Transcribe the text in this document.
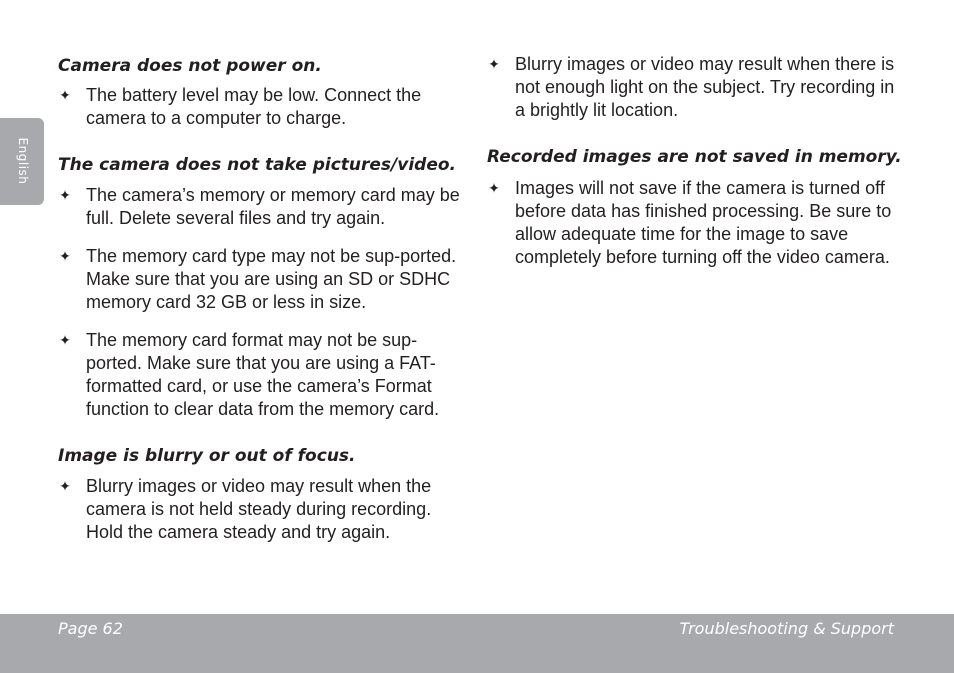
English
Camera does not power on.
✦ The battery level may be low. Connect the camera to a computer to charge.
The camera does not take pictures/video.
✦ The camera’s memory or memory card may be full. Delete several files and try again.
✦ The memory card type may not be sup-ported. Make sure that you are using an SD or SDHC memory card 32 GB or less in size.
✦ The memory card format may not be sup-ported. Make sure that you are using a FAT-formatted card, or use the camera’s Format function to clear data from the memory card.
Image is blurry or out of focus.
✦ Blurry images or video may result when the camera is not held steady during recording. Hold the camera steady and try again.
✦ Blurry images or video may result when there is not enough light on the subject. Try recording in a brightly lit location.
Recorded images are not saved in memory.
✦ Images will not save if the camera is turned off before data has finished processing. Be sure to allow adequate time for the image to save completely before turning off the video camera.
Page 62	Troubleshooting & Support
